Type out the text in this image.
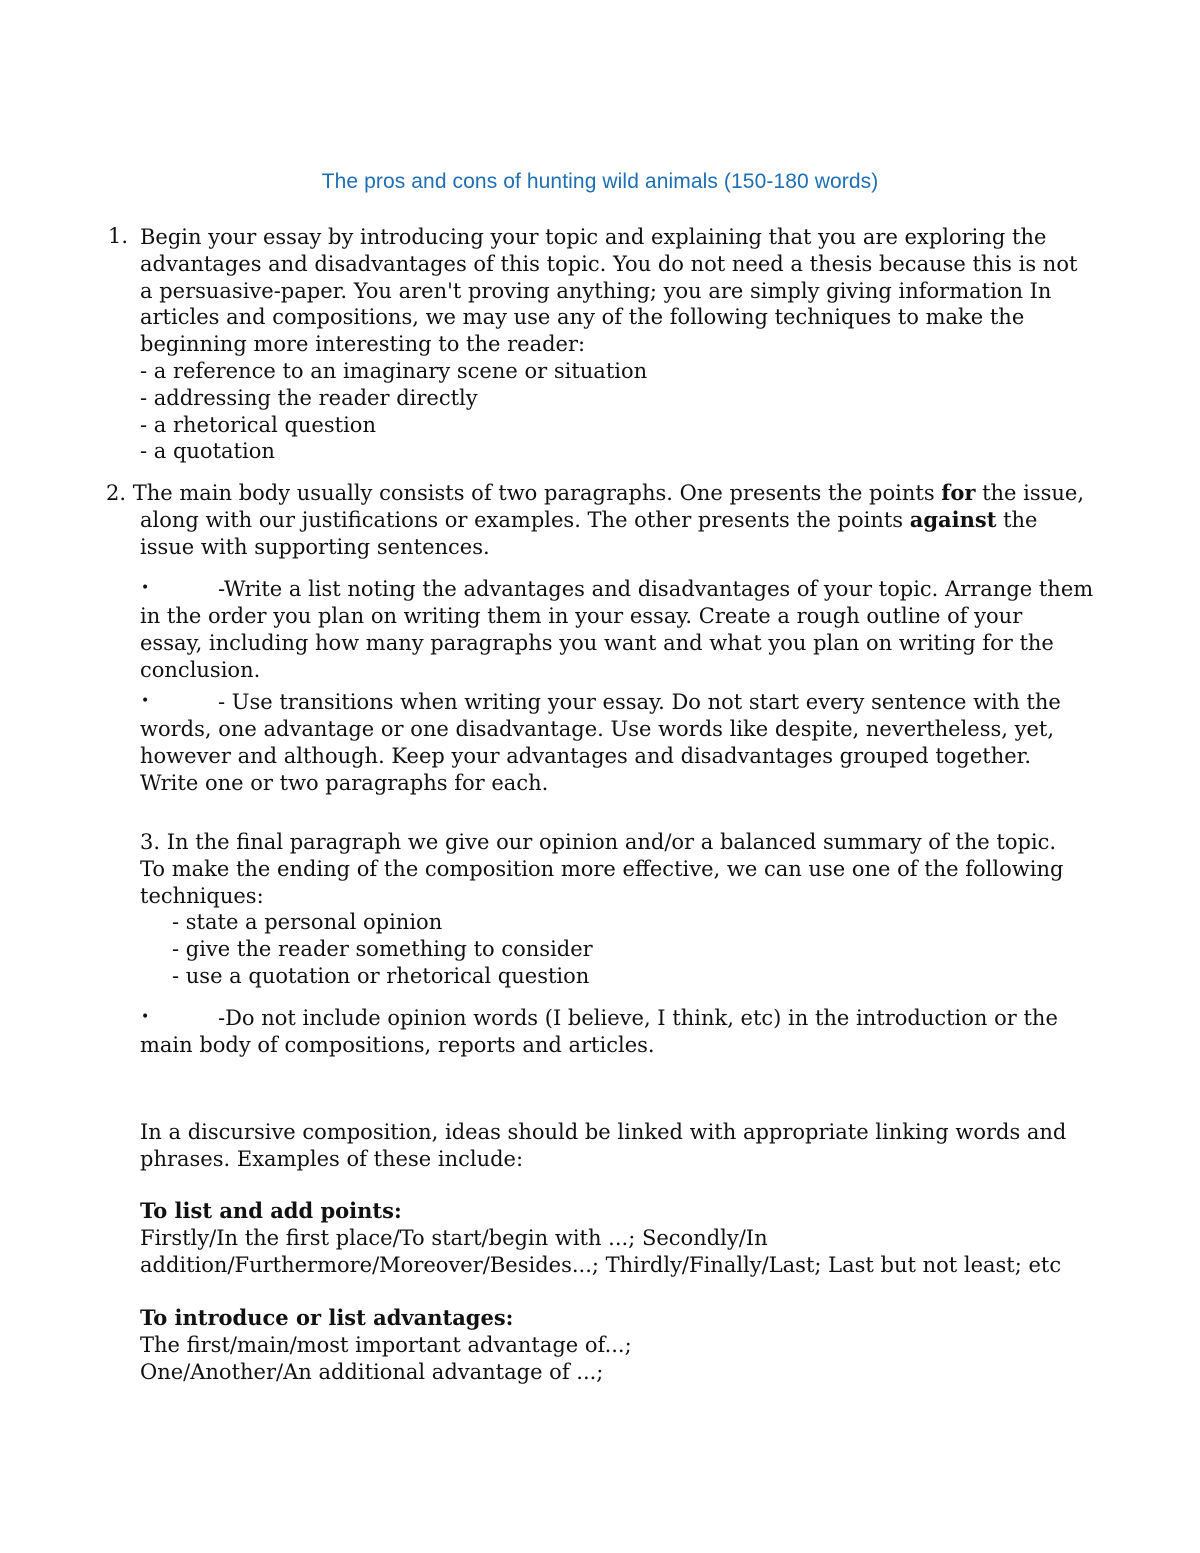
The pros and cons of hunting wild animals (150-180 words)
1. Begin your essay by introducing your topic and explaining that you are exploring the
advantages and disadvantages of this topic. You do not need a thesis because this is not
a persuasive-paper. You aren't proving anything; you are simply giving information In
articles and compositions, we may use any of the following techniques to make the
beginning more interesting to the reader:
- a reference to an imaginary scene or situation
- addressing the reader directly
- a rhetorical question
- a quotation
2. The main body usually consists of two paragraphs. One presents the points for the issue,
along with our justifications or examples. The other presents the points against the
issue with supporting sentences.
•	-Write a list noting the advantages and disadvantages of your topic. Arrange them
in the order you plan on writing them in your essay. Create a rough outline of your
essay, including how many paragraphs you want and what you plan on writing for the
conclusion.
•	- Use transitions when writing your essay. Do not start every sentence with the
words, one advantage or one disadvantage. Use words like despite, nevertheless, yet,
however and although. Keep your advantages and disadvantages grouped together.
Write one or two paragraphs for each.
3. In the final paragraph we give our opinion and/or a balanced summary of the topic.
To make the ending of the composition more effective, we can use one of the following
techniques:
- state a personal opinion
- give the reader something to consider
- use a quotation or rhetorical question
•	-Do not include opinion words (I believe, I think, etc) in the introduction or the
main body of compositions, reports and articles.
In a discursive composition, ideas should be linked with appropriate linking words and
phrases. Examples of these include:
To list and add points:
Firstly/In the first place/To start/begin with ...; Secondly/In
addition/Furthermore/Moreover/Besides...; Thirdly/Finally/Last; Last but not least; etc
To introduce or list advantages:
The first/main/most important advantage of...;
One/Another/An additional advantage of ...;
